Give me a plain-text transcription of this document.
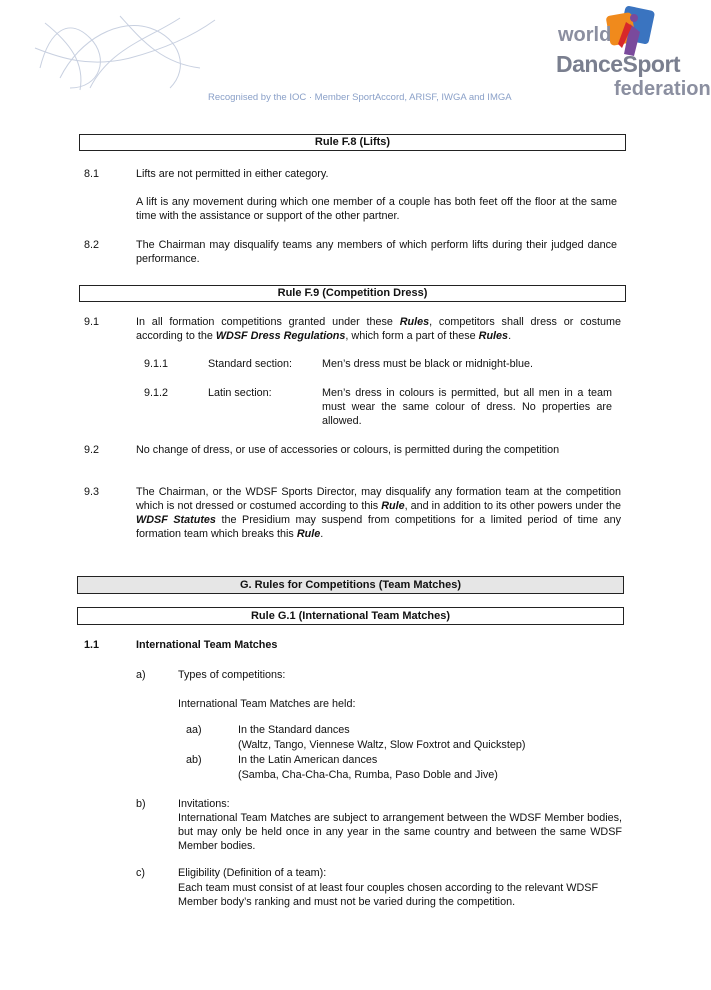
Recognised by the IOC · Member SportAccord, ARISF, IWGA and IMGA
world
DanceSport
federation
Rule F.8 (Lifts)
8.1	Lifts are not permitted in either category.
A lift is any movement during which one member of a couple has both feet off the floor at the same time with the assistance or support of the other partner.
8.2	The Chairman may disqualify teams any members of which perform lifts during their judged dance performance.
Rule F.9 (Competition Dress)
9.1	In all formation competitions granted under these Rules, competitors shall dress or costume according to the WDSF Dress Regulations, which form a part of these Rules.
9.1.1	Standard section:	Men’s dress must be black or midnight-blue.
9.1.2	Latin section:	Men’s dress in colours is permitted, but all men in a team must wear the same colour of dress. No properties are allowed.
9.2	No change of dress, or use of accessories or colours, is permitted during the competition
9.3	The Chairman, or the WDSF Sports Director, may disqualify any formation team at the competition which is not dressed or costumed according to this Rule, and in addition to its other powers under the WDSF Statutes the Presidium may suspend from competitions for a limited period of time any formation team which breaks this Rule.
G. Rules for Competitions (Team Matches)
Rule G.1 (International Team Matches)
1.1	International Team Matches
a)	Types of competitions:
International Team Matches are held:
aa)	In the Standard dances
(Waltz, Tango, Viennese Waltz, Slow Foxtrot and Quickstep)
ab)	In the Latin American dances
(Samba, Cha-Cha-Cha, Rumba, Paso Doble and Jive)
b)	Invitations:
International Team Matches are subject to arrangement between the WDSF Member bodies, but may only be held once in any year in the same country and between the same WDSF Member bodies.
c)	Eligibility (Definition of a team):
Each team must consist of at least four couples chosen according to the relevant WDSF Member body’s ranking and must not be varied during the competition.
